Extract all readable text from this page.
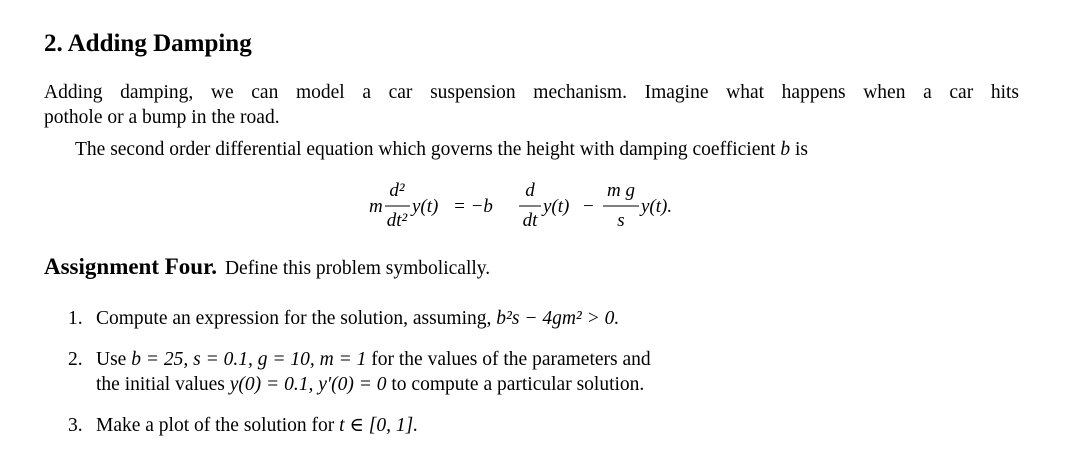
2. Adding Damping
Adding damping, we can model a car suspension mechanism. Imagine what happens when a car hits
pothole or a bump in the road.
The second order differential equation which governs the height with damping coefficient b is
m
d²
dt²
y(t) = −b
d
dt
y(t) −
m g
s
y(t).
Assignment Four. Define this problem symbolically.
1. Compute an expression for the solution, assuming, b²s − 4gm² > 0.
2. Use b = 25, s = 0.1, g = 10, m = 1 for the values of the parameters and
the initial values y(0) = 0.1, y′(0) = 0 to compute a particular solution.
3. Make a plot of the solution for t ∈ [0, 1].
